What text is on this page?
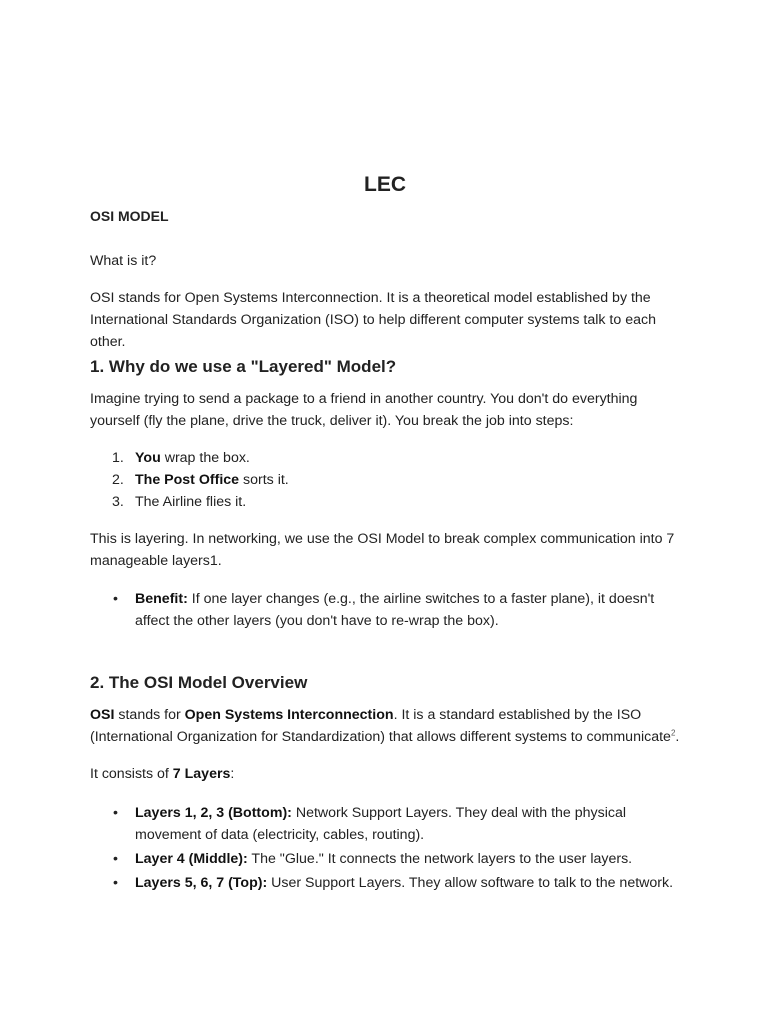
LEC

OSI MODEL

What is it?

OSI stands for Open Systems Interconnection. It is a theoretical model established by the International Standards Organization (ISO) to help different computer systems talk to each other.

1. Why do we use a "Layered" Model?

Imagine trying to send a package to a friend in another country. You don't do everything yourself (fly the plane, drive the truck, deliver it). You break the job into steps:

1. You wrap the box.
2. The Post Office sorts it.
3. The Airline flies it.

This is layering. In networking, we use the OSI Model to break complex communication into 7 manageable layers1.

• Benefit: If one layer changes (e.g., the airline switches to a faster plane), it doesn't affect the other layers (you don't have to re-wrap the box).
2. The OSI Model Overview

OSI stands for Open Systems Interconnection. It is a standard established by the ISO (International Organization for Standardization) that allows different systems to communicate$^2$.

It consists of 7 Layers:

• Layers 1, 2, 3 (Bottom): Network Support Layers. They deal with the physical movement of data (electricity, cables, routing).
• Layer 4 (Middle): The "Glue." It connects the network layers to the user layers.
• Layers 5, 6, 7 (Top): User Support Layers. They allow software to talk to the network.
